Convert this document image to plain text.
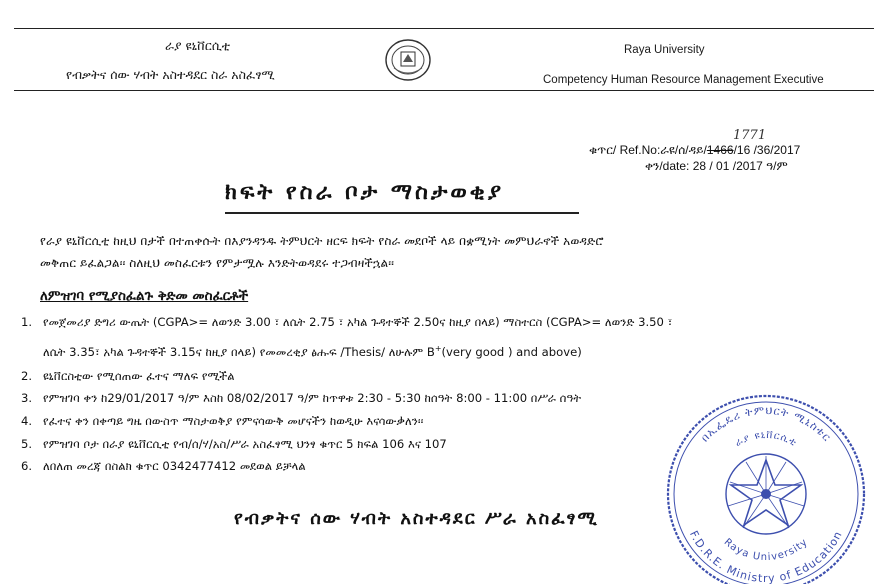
ራያ ዩኒቨርሲቲ
የብቃትና ሰው ሃብት አስተዳደር ስራ አስፈፃሚ
Raya University
Competency Human Resource Management Executive
1771
ቁጥር/ Ref.No:ራዩ/ሰ/ዳይ/1466/16 /36/2017
ቀን/date: 28 / 01 /2017 ዓ/ም
ክፍት የስራ ቦታ ማስታወቂያ
የራያ ዩኒቨርሲቲ ከዚህ በታች በተጠቀሱት በእያንዳንዱ ትምህርት ዘርፍ ክፍት የስራ መደቦች ላይ በቋሚነት መምህራኖች አወዳድሮ
መቅጠር ይፈልጋል፡፡ ስለዚህ መስፈርቱን የምታሟሉ እንድትወዳደሩ ተጋብዛችኋል፡፡
ለምዝገባ የሚያስፈልጉ ቅድመ መስፈርቶች
1. የመጀመሪያ ድግሪ ውጤት (CGPA>= ለወንድ 3.00 ፣ ለሴት 2.75 ፣ አካል ጉዳተኞች 2.50ና ከዚያ በላይ) ማስተርስ (CGPA>= ለወንድ 3.50 ፣
ለሴት 3.35፣ አካል ጉዳተኞች 3.15ና ከዚያ በላይ) የመመረቂያ ፅሑፍ /Thesis/ ለሁሉም B+(very good ) and above)
2. ዩኒቨርስቲው የሚሰጠው ፈተና ማለፍ የሚችል
3. የምዝገባ ቀን ከ29/01/2017 ዓ/ም እስከ 08/02/2017 ዓ/ም ከጥዋቱ 2:30 - 5:30 ከሰዓት 8:00 - 11:00 በሥራ ሰዓት
4. የፈተና ቀን በቀጣይ ግዜ በውስጥ ማስታወቅያ የምናሳውቅ መሆናችን ከወዲሁ እናሳውቃለን፡፡
5. የምዝገባ ቦታ በራያ ዩኒቨርሲቲ የብ/ሰ/ሃ/አስ/ሥራ አስፈፃሚ ህንፃ ቁጥር 5 ክፍል 106 እና 107
6. ለበለጠ መረጃ በስልክ ቁጥር 0342477412 መደወል ይቻላል
የብቃትና ሰው ሃብት አስተዳደር ሥራ አስፈፃሚ
በኢፌዴሪ ትምህርት ሚኒስቴር
ራያ ዩኒቨርሲቲ
F.D.R.E. Ministry of Education
Raya University
